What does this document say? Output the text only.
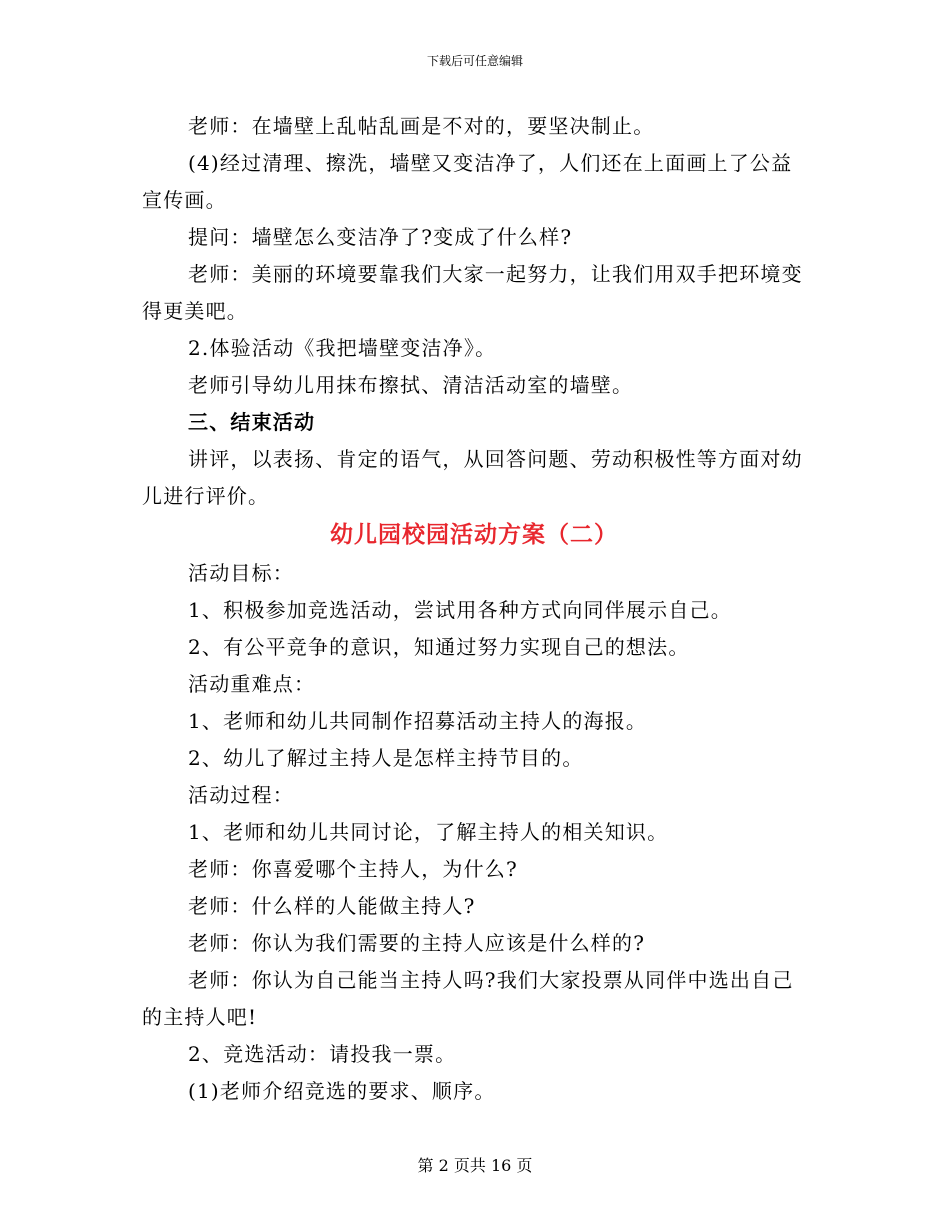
下载后可任意编辑

老师：在墙壁上乱帖乱画是不对的，要坚决制止。

(4)经过清理、擦洗，墙壁又变洁净了，人们还在上面画上了公益宣传画。

提问：墙壁怎么变洁净了?变成了什么样?

老师：美丽的环境要靠我们大家一起努力，让我们用双手把环境变得更美吧。

2.体验活动《我把墙壁变洁净》。

老师引导幼儿用抹布擦拭、清洁活动室的墙壁。

三、结束活动

讲评，以表扬、肯定的语气，从回答问题、劳动积极性等方面对幼儿进行评价。

幼儿园校园活动方案（二）

活动目标：

1、积极参加竞选活动，尝试用各种方式向同伴展示自己。

2、有公平竞争的意识，知通过努力实现自己的想法。

活动重难点：

1、老师和幼儿共同制作招募活动主持人的海报。

2、幼儿了解过主持人是怎样主持节目的。

活动过程：

1、老师和幼儿共同讨论，了解主持人的相关知识。

老师：你喜爱哪个主持人，为什么?

老师：什么样的人能做主持人?

老师：你认为我们需要的主持人应该是什么样的?

老师：你认为自己能当主持人吗?我们大家投票从同伴中选出自己的主持人吧!

2、竞选活动：请投我一票。

(1)老师介绍竞选的要求、顺序。

第 2 页共 16 页
